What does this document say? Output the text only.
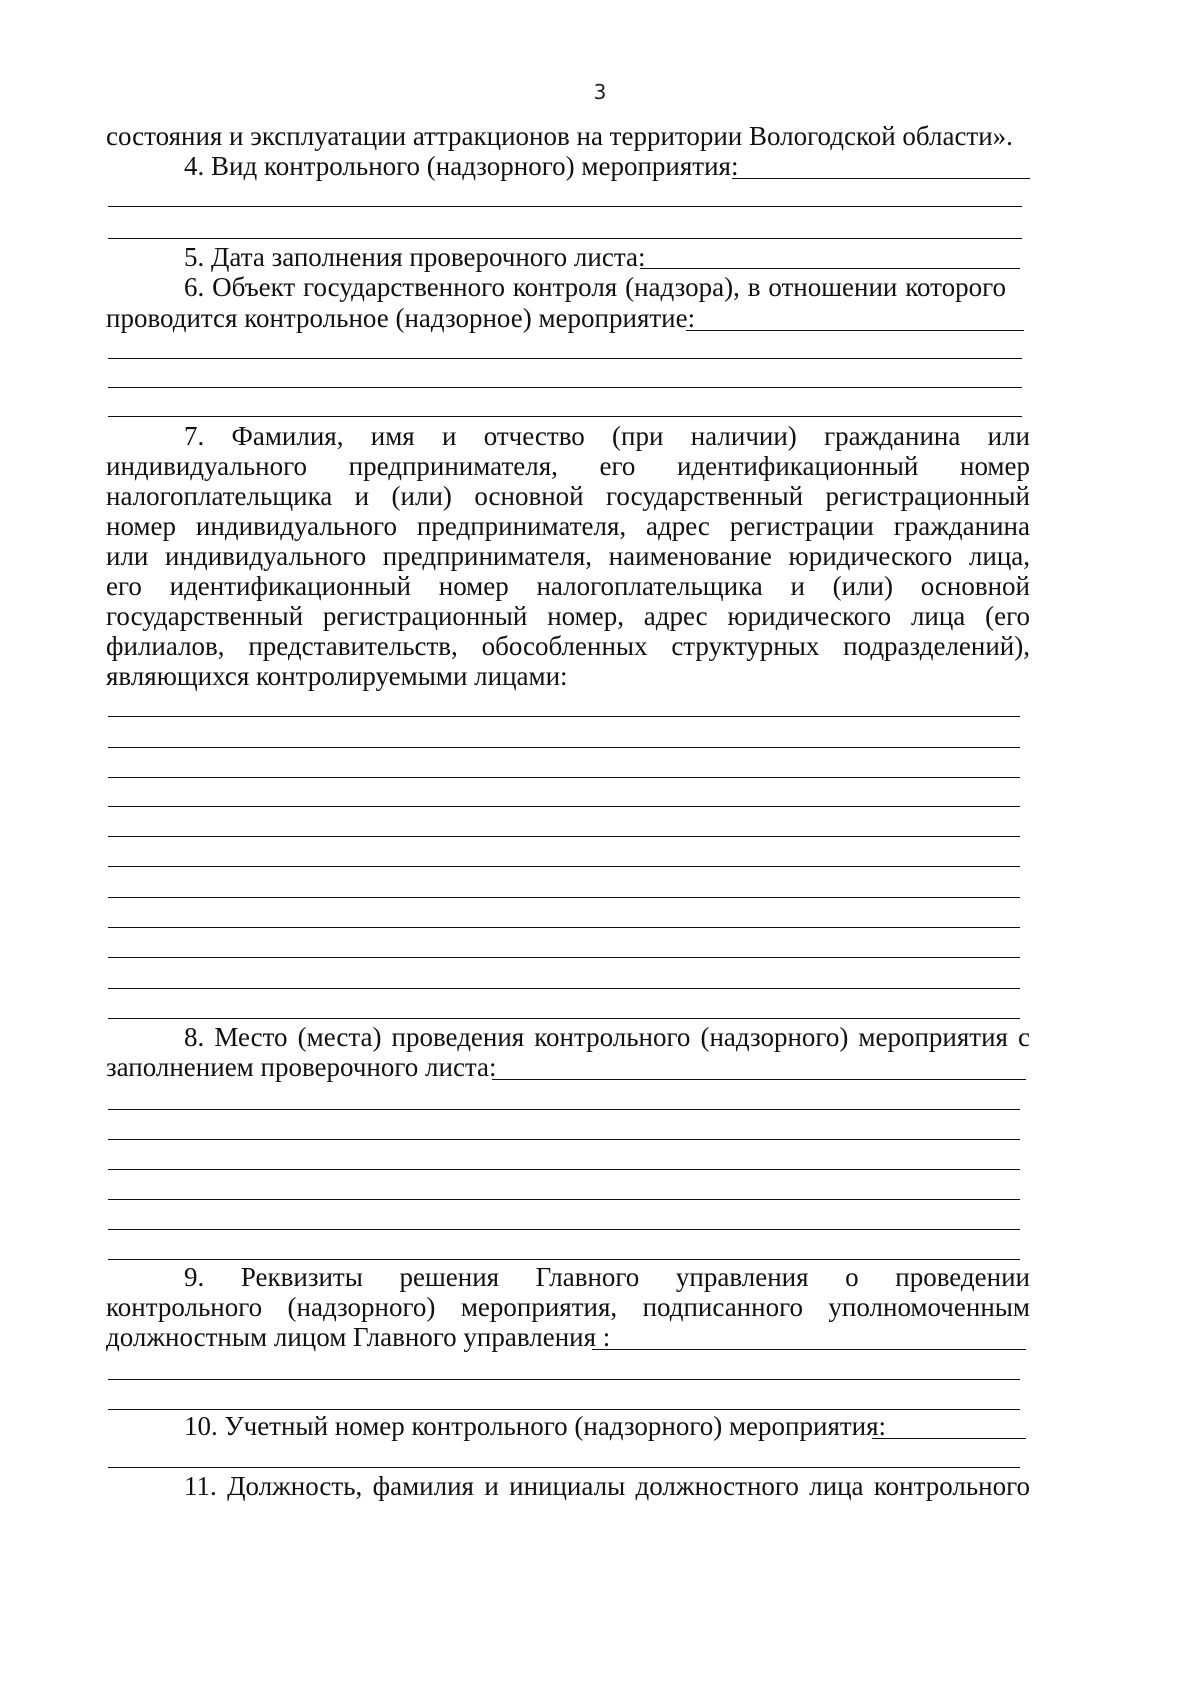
3
состояния и эксплуатации аттракционов на территории Вологодской области».
4. Вид контрольного (надзорного) мероприятия:
5. Дата заполнения проверочного листа:
6. Объект государственного контроля (надзора), в отношении которого
проводится контрольное (надзорное) мероприятие:
7. Фамилия, имя и отчество (при наличии) гражданина или
индивидуального предпринимателя, его идентификационный номер
налогоплательщика и (или) основной государственный регистрационный
номер индивидуального предпринимателя, адрес регистрации гражданина
или индивидуального предпринимателя, наименование юридического лица,
его идентификационный номер налогоплательщика и (или) основной
государственный регистрационный номер, адрес юридического лица (его
филиалов, представительств, обособленных структурных подразделений),
являющихся контролируемыми лицами:
8. Место (места) проведения контрольного (надзорного) мероприятия с
заполнением проверочного листа:
9. Реквизиты решения Главного управления о проведении
контрольного (надзорного) мероприятия, подписанного уполномоченным
должностным лицом Главного управления :
10. Учетный номер контрольного (надзорного) мероприятия:
11. Должность, фамилия и инициалы должностного лица контрольного
